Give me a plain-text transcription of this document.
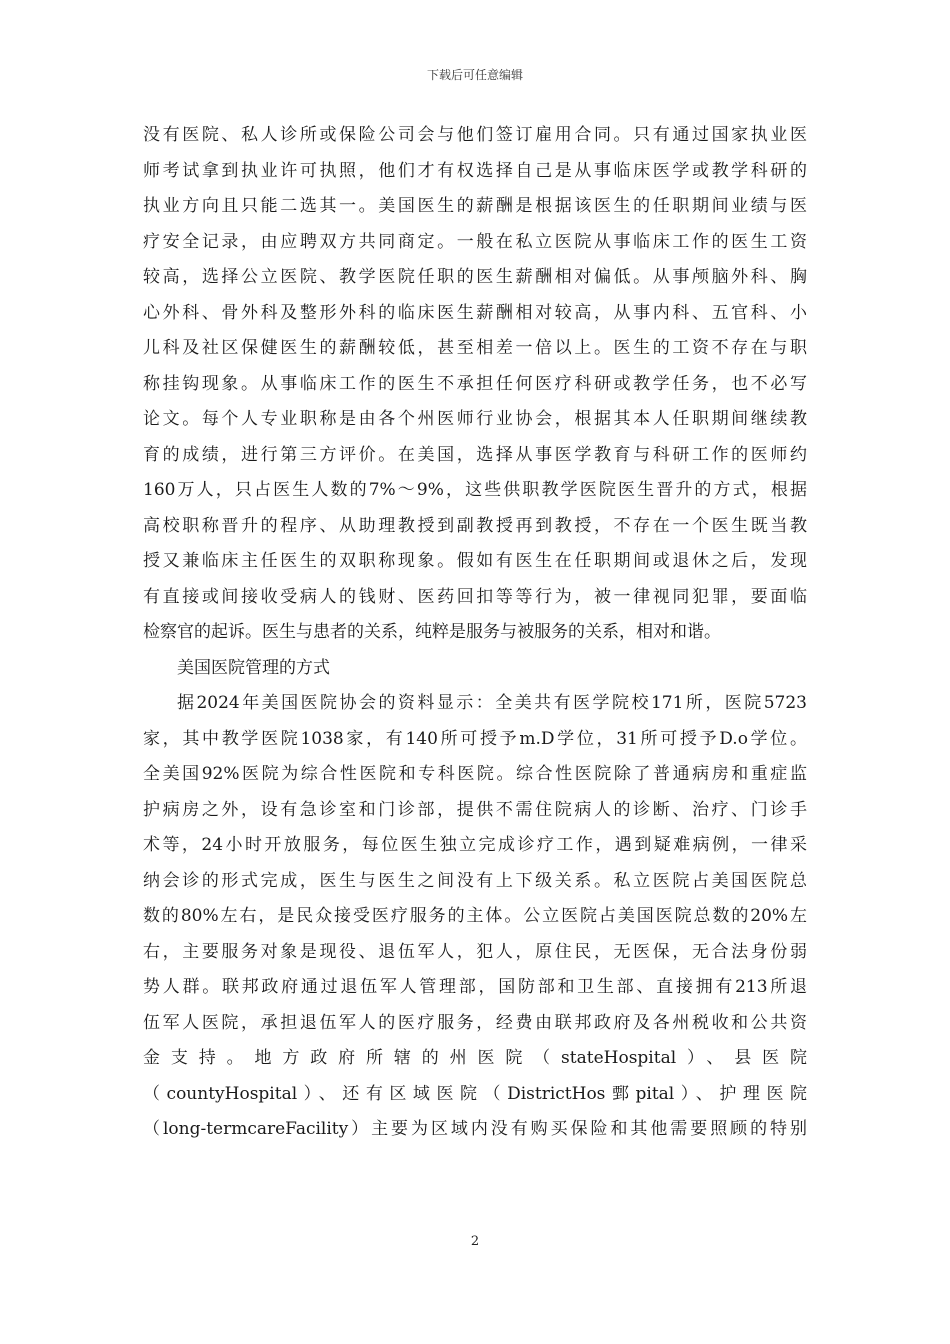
下载后可任意编辑
没有医院、私人诊所或保险公司会与他们签订雇用合同。只有通过国家执业医
师考试拿到执业许可执照，他们才有权选择自己是从事临床医学或教学科研的
执业方向且只能二选其一。美国医生的薪酬是根据该医生的任职期间业绩与医
疗安全记录，由应聘双方共同商定。一般在私立医院从事临床工作的医生工资
较高，选择公立医院、教学医院任职的医生薪酬相对偏低。从事颅脑外科、胸
心外科、骨外科及整形外科的临床医生薪酬相对较高，从事内科、五官科、小
儿科及社区保健医生的薪酬较低，甚至相差一倍以上。医生的工资不存在与职
称挂钩现象。从事临床工作的医生不承担任何医疗科研或教学任务，也不必写
论文。每个人专业职称是由各个州医师行业协会，根据其本人任职期间继续教
育的成绩，进行第三方评价。在美国，选择从事医学教育与科研工作的医师约
160万人，只占医生人数的7%～9%，这些供职教学医院医生晋升的方式，根据
高校职称晋升的程序、从助理教授到副教授再到教授，不存在一个医生既当教
授又兼临床主任医生的双职称现象。假如有医生在任职期间或退休之后，发现
有直接或间接收受病人的钱财、医药回扣等等行为，被一律视同犯罪，要面临
检察官的起诉。医生与患者的关系，纯粹是服务与被服务的关系，相对和谐。
美国医院管理的方式
据2024年美国医院协会的资料显示：全美共有医学院校171所，医院5723
家，其中教学医院1038家，有140所可授予m.D学位，31所可授予D.o学位。
全美国92%医院为综合性医院和专科医院。综合性医院除了普通病房和重症监
护病房之外，设有急诊室和门诊部，提供不需住院病人的诊断、治疗、门诊手
术等，24小时开放服务，每位医生独立完成诊疗工作，遇到疑难病例，一律采
纳会诊的形式完成，医生与医生之间没有上下级关系。私立医院占美国医院总
数的80%左右，是民众接受医疗服务的主体。公立医院占美国医院总数的20%左
右，主要服务对象是现役、退伍军人，犯人，原住民，无医保，无合法身份弱
势人群。联邦政府通过退伍军人管理部，国防部和卫生部、直接拥有213所退
伍军人医院，承担退伍军人的医疗服务，经费由联邦政府及各州税收和公共资
金支持。地方政府所辖的州医院（stateHospital）、县医院
（countyHospital）、还有区域医院（DistrictHos鄄pital）、护理医院
（long-termcareFacility）主要为区域内没有购买保险和其他需要照顾的特别
2
